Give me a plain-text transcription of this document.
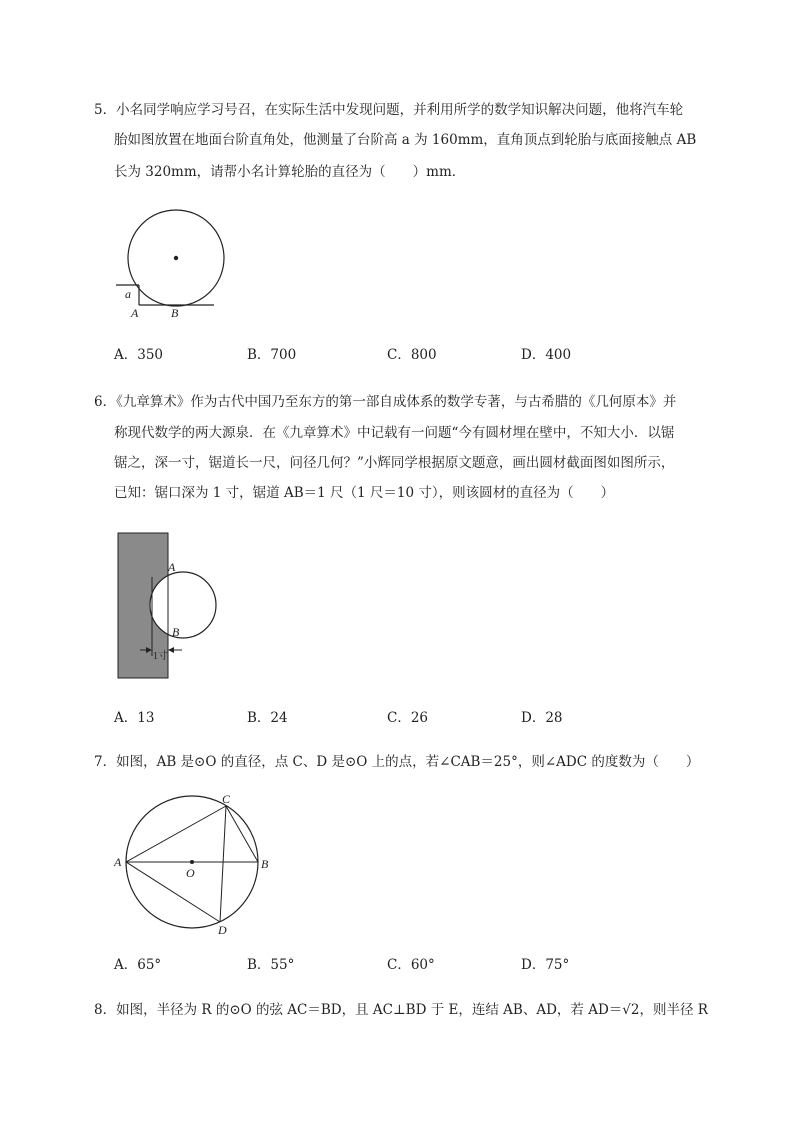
5．小名同学响应学习号召，在实际生活中发现问题，并利用所学的数学知识解决问题，他将汽车轮
胎如图放置在地面台阶直角处，他测量了台阶高 a 为 160mm，直角顶点到轮胎与底面接触点 AB
长为 320mm，请帮小名计算轮胎的直径为（　　）mm．
a
A	B
A．350	B．700	C．800	D．400
6．《九章算术》作为古代中国乃至东方的第一部自成体系的数学专著，与古希腊的《几何原本》并
称现代数学的两大源泉．在《九章算术》中记载有一问题“今有圆材埋在壁中，不知大小．以锯
锯之，深一寸，锯道长一尺，问径几何？”小辉同学根据原文题意，画出圆材截面图如图所示，
已知：锯口深为 1 寸，锯道 AB＝1 尺（1 尺＝10 寸），则该圆材的直径为（　　）
A
B
1寸
A．13	B．24	C．26	D．28
7．如图，AB 是⊙O 的直径，点 C、D 是⊙O 上的点，若∠CAB＝25°，则∠ADC 的度数为（　　）
A	B
C
D
O
A．65°	B．55°	C．60°	D．75°
8．如图，半径为 R 的⊙O 的弦 AC＝BD，且 AC⊥BD 于 E，连结 AB、AD，若 AD＝√2，则半径 R
